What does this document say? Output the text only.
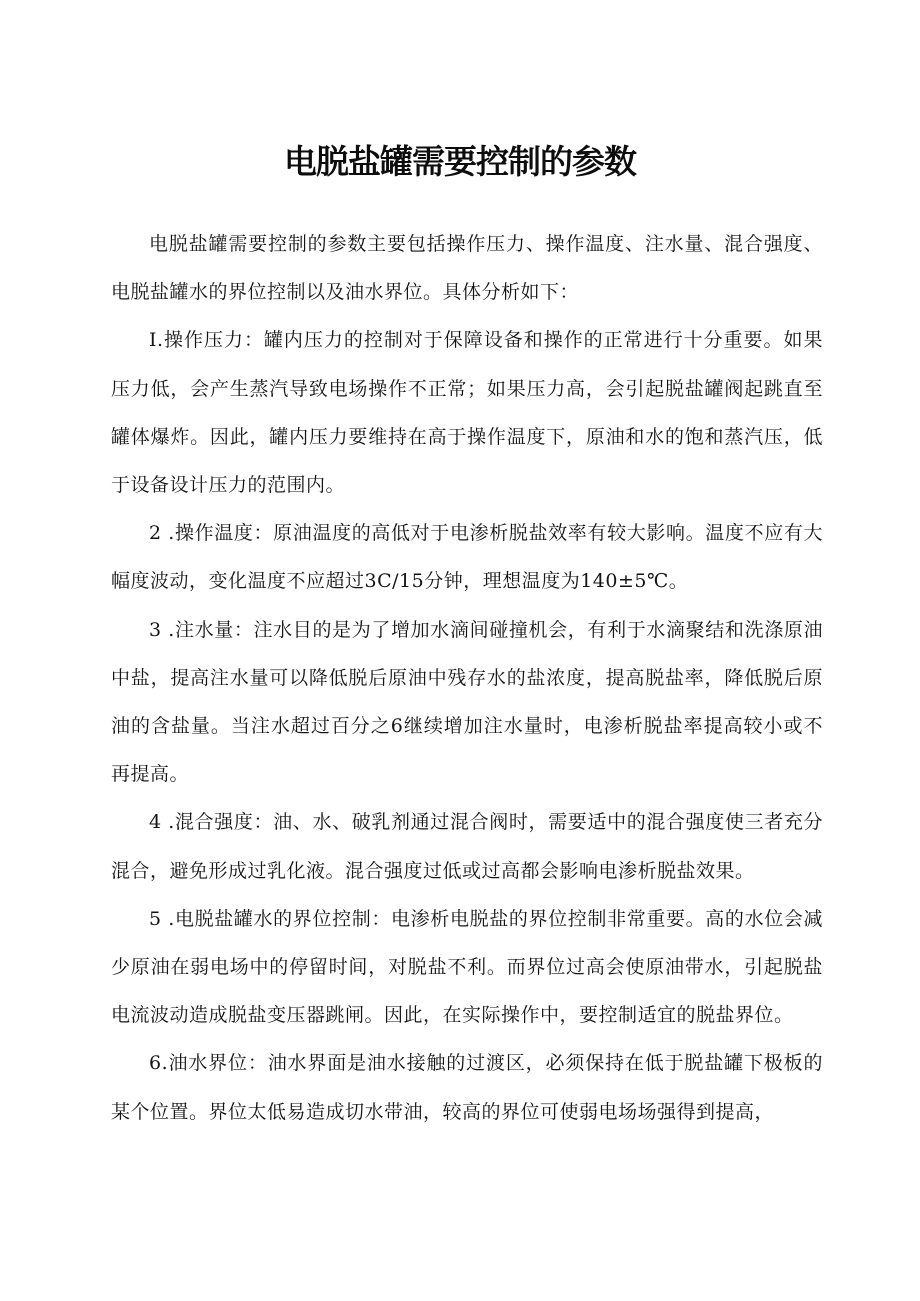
电脱盐罐需要控制的参数

电脱盐罐需要控制的参数主要包括操作压力、操作温度、注水量、混合强度、电脱盐罐水的界位控制以及油水界位。具体分析如下：

I.操作压力：罐内压力的控制对于保障设备和操作的正常进行十分重要。如果压力低，会产生蒸汽导致电场操作不正常；如果压力高，会引起脱盐罐阀起跳直至罐体爆炸。因此，罐内压力要维持在高于操作温度下，原油和水的饱和蒸汽压，低于设备设计压力的范围内。

2 .操作温度：原油温度的高低对于电渗析脱盐效率有较大影响。温度不应有大幅度波动，变化温度不应超过3C/15分钟，理想温度为140±5℃。

3 .注水量：注水目的是为了增加水滴间碰撞机会，有利于水滴聚结和洗涤原油中盐，提高注水量可以降低脱后原油中残存水的盐浓度，提高脱盐率，降低脱后原油的含盐量。当注水超过百分之6继续增加注水量时，电渗析脱盐率提高较小或不再提高。

4 .混合强度：油、水、破乳剂通过混合阀时，需要适中的混合强度使三者充分混合，避免形成过乳化液。混合强度过低或过高都会影响电渗析脱盐效果。

5 .电脱盐罐水的界位控制：电渗析电脱盐的界位控制非常重要。高的水位会减少原油在弱电场中的停留时间，对脱盐不利。而界位过高会使原油带水，引起脱盐电流波动造成脱盐变压器跳闸。因此，在实际操作中，要控制适宜的脱盐界位。

6.油水界位：油水界面是油水接触的过渡区，必须保持在低于脱盐罐下极板的某个位置。界位太低易造成切水带油，较高的界位可使弱电场场强得到提高，
